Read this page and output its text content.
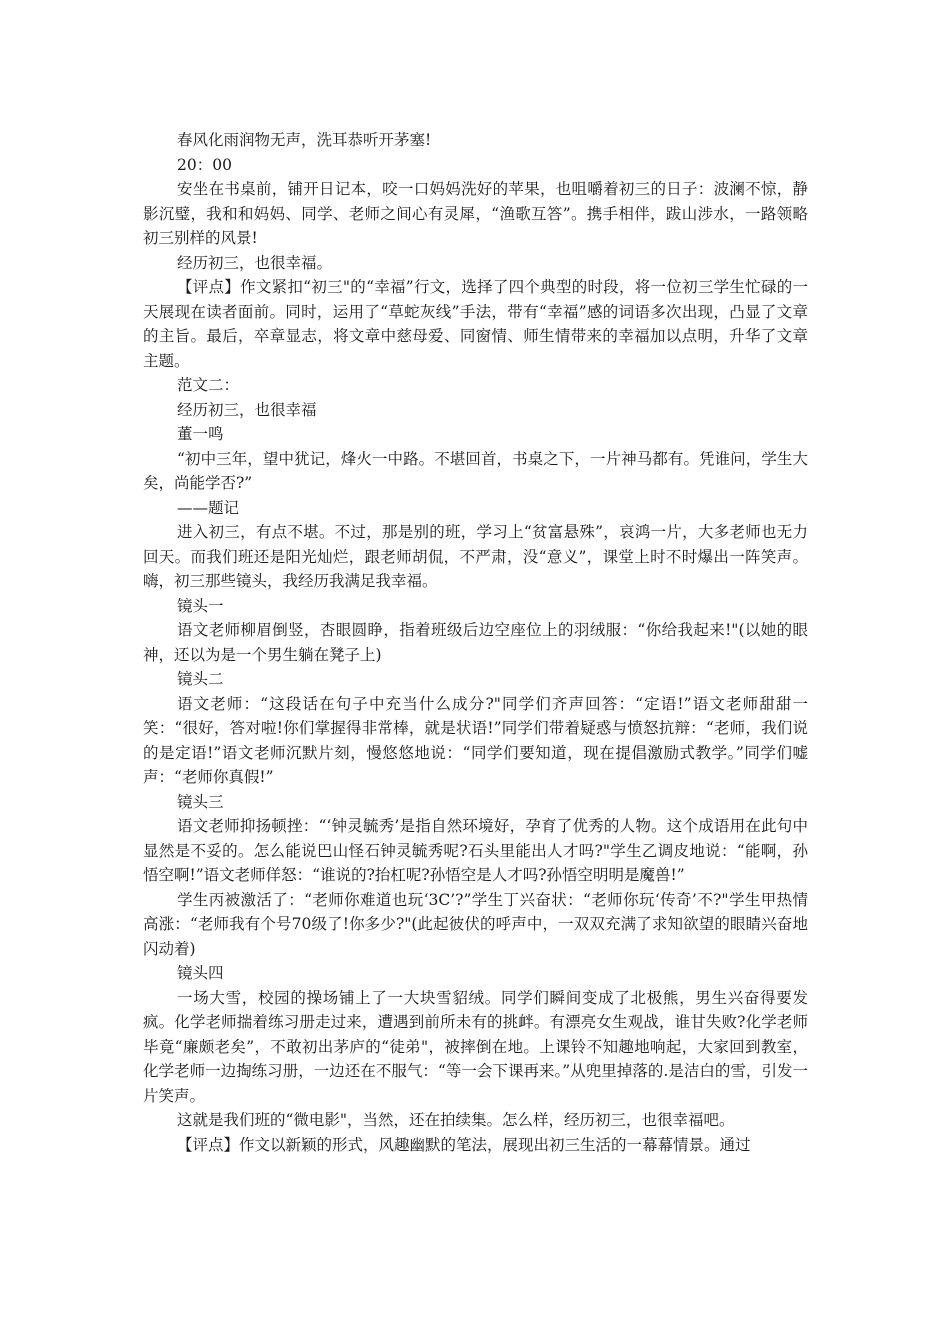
春风化雨润物无声，洗耳恭听开茅塞!

20：00

安坐在书桌前，铺开日记本，咬一口妈妈洗好的苹果，也咀嚼着初三的日子：波澜不惊，静影沉璧，我和和妈妈、同学、老师之间心有灵犀，“渔歌互答”。携手相伴，跋山涉水，一路领略初三别样的风景!

经历初三，也很幸福。

【评点】作文紧扣“初三"的“幸福”行文，选择了四个典型的时段，将一位初三学生忙碌的一天展现在读者面前。同时，运用了“草蛇灰线”手法，带有“幸福”感的词语多次出现，凸显了文章的主旨。最后，卒章显志，将文章中慈母爱、同窗情、师生情带来的幸福加以点明，升华了文章主题。

范文二：

经历初三，也很幸福

董一鸣

“初中三年，望中犹记，烽火一中路。不堪回首，书桌之下，一片神马都有。凭谁问，学生大矣，尚能学否?”

——题记

进入初三，有点不堪。不过，那是别的班，学习上“贫富悬殊”，哀鸿一片，大多老师也无力回天。而我们班还是阳光灿烂，跟老师胡侃，不严肃，没“意义”，课堂上时不时爆出一阵笑声。嗨，初三那些镜头，我经历我满足我幸福。

镜头一

语文老师柳眉倒竖，杏眼圆睁，指着班级后边空座位上的羽绒服：“你给我起来!"(以她的眼神，还以为是一个男生躺在凳子上)

镜头二

语文老师：“这段话在句子中充当什么成分?"同学们齐声回答：“定语!”语文老师甜甜一笑：“很好，答对啦!你们掌握得非常棒，就是状语!”同学们带着疑惑与愤怒抗辩：“老师，我们说的是定语!”语文老师沉默片刻，慢悠悠地说：“同学们要知道，现在提倡激励式教学。”同学们嘘声：“老师你真假!”

镜头三

语文老师抑扬顿挫：“‘钟灵毓秀’是指自然环境好，孕育了优秀的人物。这个成语用在此句中显然是不妥的。怎么能说巴山怪石钟灵毓秀呢?石头里能出人才吗?"学生乙调皮地说：“能啊，孙悟空啊!”语文老师佯怒：“谁说的?抬杠呢?孙悟空是人才吗?孙悟空明明是魔兽!”

学生丙被激活了：“老师你难道也玩‘3C’?”学生丁兴奋状：“老师你玩‘传奇’不?"学生甲热情高涨：“老师我有个号70级了!你多少?"(此起彼伏的呼声中，一双双充满了求知欲望的眼睛兴奋地闪动着)

镜头四

一场大雪，校园的操场铺上了一大块雪貂绒。同学们瞬间变成了北极熊，男生兴奋得要发疯。化学老师揣着练习册走过来，遭遇到前所未有的挑衅。有漂亮女生观战，谁甘失败?化学老师毕竟“廉颇老矣”，不敢初出茅庐的“徒弟"，被摔倒在地。上课铃不知趣地响起，大家回到教室，化学老师一边掏练习册，一边还在不服气：“等一会下课再来。”从兜里掉落的.是洁白的雪，引发一片笑声。

这就是我们班的“微电影"，当然，还在拍续集。怎么样，经历初三，也很幸福吧。

【评点】作文以新颖的形式，风趣幽默的笔法，展现出初三生活的一幕幕情景。通过
